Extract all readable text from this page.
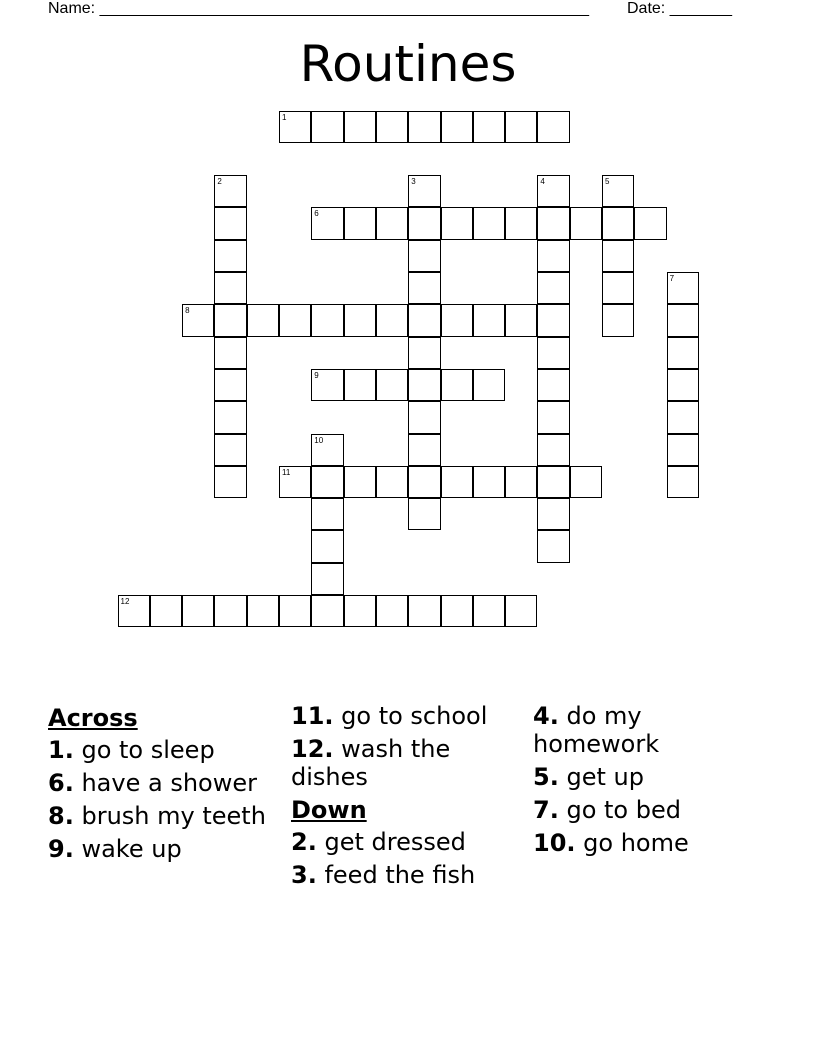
Name: _______________________________________________________ Date: _______
Routines
1
2	3	4	5
6
7
8
9
10
11
12
Across
1. go to sleep
6. have a shower
8. brush my teeth
9. wake up
11. go to school
12. wash the dishes
Down
2. get dressed
3. feed the fish
4. do my homework
5. get up
7. go to bed
10. go home
